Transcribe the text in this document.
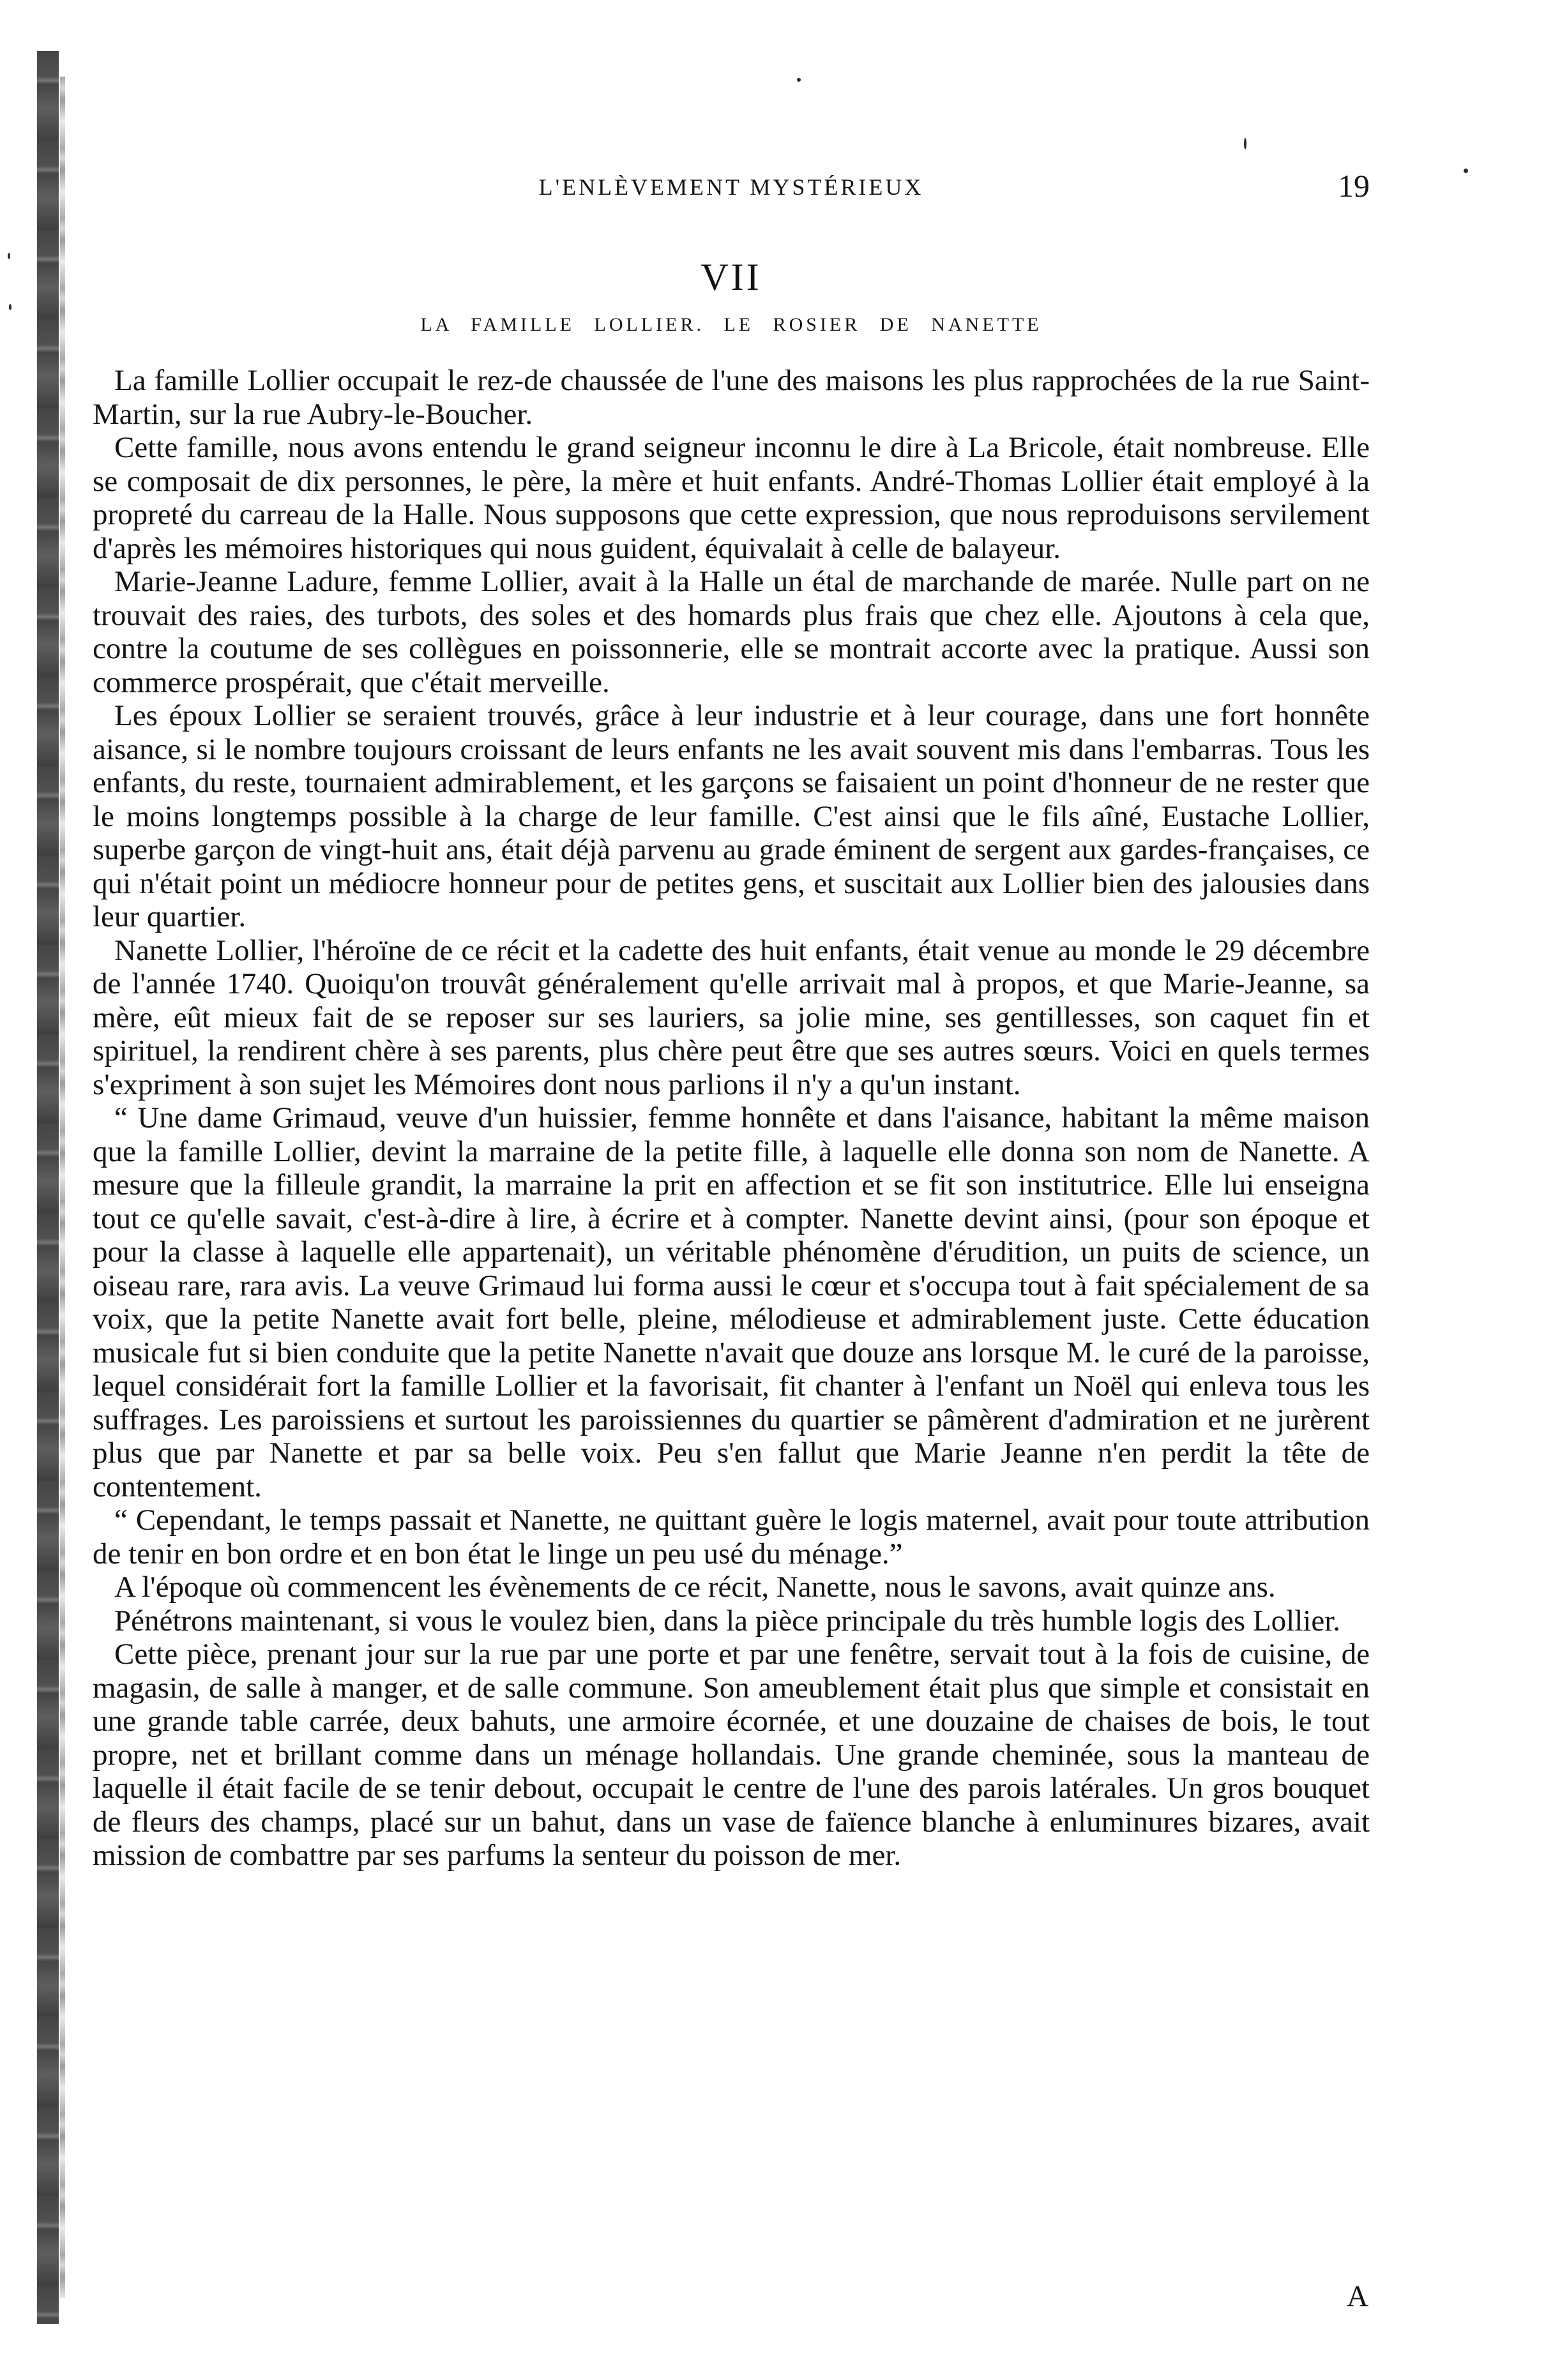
L'ENLÈVEMENT MYSTÉRIEUX	19
VII
LA FAMILLE LOLLIER. LE ROSIER DE NANETTE

La famille Lollier occupait le rez-de chaussée de l'une des maisons les plus rapprochées de la rue Saint-Martin, sur la rue Aubry-le-Boucher.

Cette famille, nous avons entendu le grand seigneur inconnu le dire à La Bricole, était nombreuse. Elle se composait de dix personnes, le père, la mère et huit enfants. André-Thomas Lollier était employé à la propreté du carreau de la Halle. Nous supposons que cette expression, que nous reproduisons servilement d'après les mémoires historiques qui nous guident, équivalait à celle de balayeur.

Marie-Jeanne Ladure, femme Lollier, avait à la Halle un étal de marchande de marée. Nulle part on ne trouvait des raies, des turbots, des soles et des homards plus frais que chez elle. Ajoutons à cela que, contre la coutume de ses collègues en poissonnerie, elle se montrait accorte avec la pratique. Aussi son commerce prospérait, que c'était merveille.

Les époux Lollier se seraient trouvés, grâce à leur industrie et à leur courage, dans une fort honnête aisance, si le nombre toujours croissant de leurs enfants ne les avait souvent mis dans l'embarras. Tous les enfants, du reste, tournaient admirablement, et les garçons se faisaient un point d'honneur de ne rester que le moins longtemps possible à la charge de leur famille. C'est ainsi que le fils aîné, Eustache Lollier, superbe garçon de vingt-huit ans, était déjà parvenu au grade éminent de sergent aux gardes-françaises, ce qui n'était point un médiocre honneur pour de petites gens, et suscitait aux Lollier bien des jalousies dans leur quartier.

Nanette Lollier, l'héroïne de ce récit et la cadette des huit enfants, était venue au monde le 29 décembre de l'année 1740. Quoiqu'on trouvât généralement qu'elle arrivait mal à propos, et que Marie-Jeanne, sa mère, eût mieux fait de se reposer sur ses lauriers, sa jolie mine, ses gentillesses, son caquet fin et spirituel, la rendirent chère à ses parents, plus chère peut être que ses autres sœurs. Voici en quels termes s'expriment à son sujet les Mémoires dont nous parlions il n'y a qu'un instant.

“ Une dame Grimaud, veuve d'un huissier, femme honnête et dans l'aisance, habitant la même maison que la famille Lollier, devint la marraine de la petite fille, à laquelle elle donna son nom de Nanette. A mesure que la filleule grandit, la marraine la prit en affection et se fit son institutrice. Elle lui enseigna tout ce qu'elle savait, c'est-à-dire à lire, à écrire et à compter. Nanette devint ainsi, (pour son époque et pour la classe à laquelle elle appartenait), un véritable phénomène d'érudition, un puits de science, un oiseau rare, rara avis. La veuve Grimaud lui forma aussi le cœur et s'occupa tout à fait spécialement de sa voix, que la petite Nanette avait fort belle, pleine, mélodieuse et admirablement juste. Cette éducation musicale fut si bien conduite que la petite Nanette n'avait que douze ans lorsque M. le curé de la paroisse, lequel considérait fort la famille Lollier et la favorisait, fit chanter à l'enfant un Noël qui enleva tous les suffrages. Les paroissiens et surtout les paroissiennes du quartier se pâmèrent d'admiration et ne jurèrent plus que par Nanette et par sa belle voix. Peu s'en fallut que Marie Jeanne n'en perdit la tête de contentement.

“ Cependant, le temps passait et Nanette, ne quittant guère le logis maternel, avait pour toute attribution de tenir en bon ordre et en bon état le linge un peu usé du ménage.”

A l'époque où commencent les évènements de ce récit, Nanette, nous le savons, avait quinze ans.

Pénétrons maintenant, si vous le voulez bien, dans la pièce principale du très humble logis des Lollier.

Cette pièce, prenant jour sur la rue par une porte et par une fenêtre, servait tout à la fois de cuisine, de magasin, de salle à manger, et de salle commune. Son ameublement était plus que simple et consistait en une grande table carrée, deux bahuts, une armoire écornée, et une douzaine de chaises de bois, le tout propre, net et brillant comme dans un ménage hollandais. Une grande cheminée, sous la manteau de laquelle il était facile de se tenir debout, occupait le centre de l'une des parois latérales. Un gros bouquet de fleurs des champs, placé sur un bahut, dans un vase de faïence blanche à enluminures bizares, avait mission de combattre par ses parfums la senteur du poisson de mer.

A
